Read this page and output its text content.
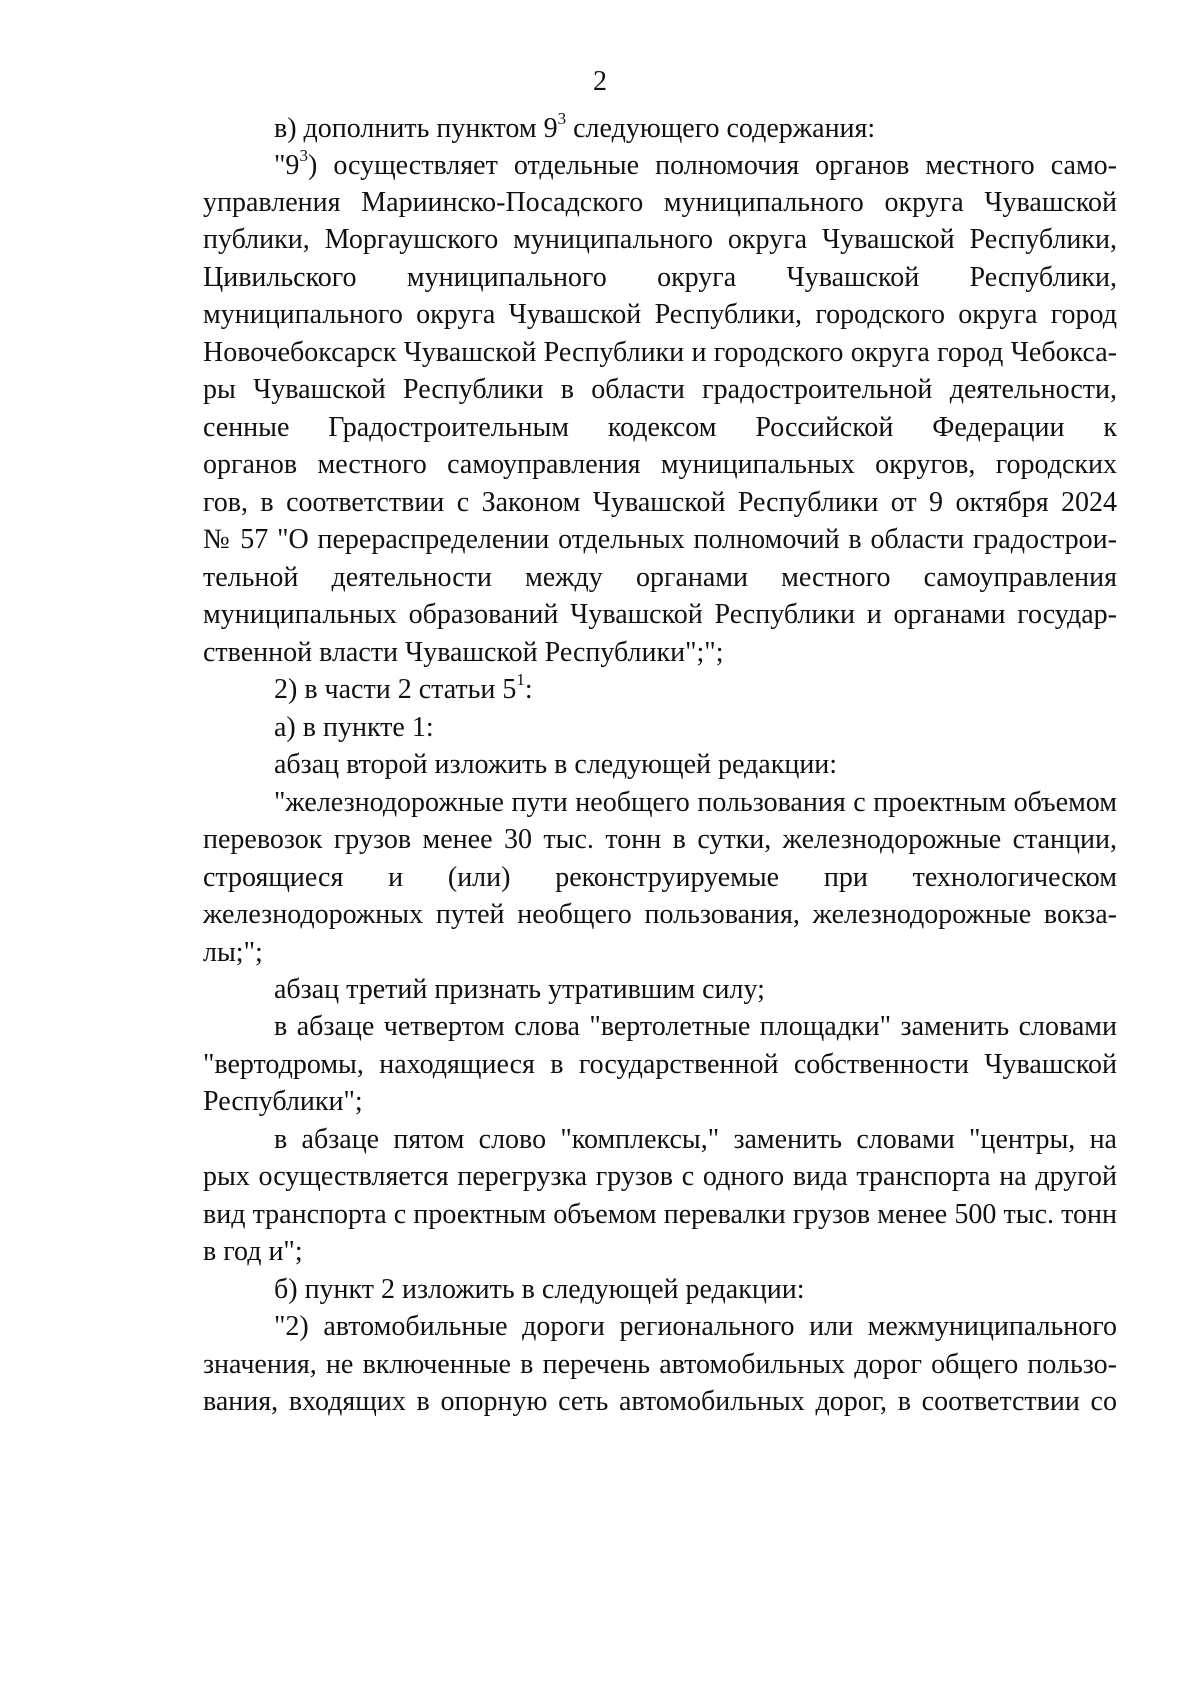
2
в) дополнить пунктом $9^3$ следующего содержания:
"$9^3$) осуществляет отдельные полномочия органов местного само-
управления Мариинско-Посадского муниципального округа Чувашской
публики, Моргаушского муниципального округа Чувашской Республики,
Цивильского муниципального округа Чувашской Республики,
муниципального округа Чувашской Республики, городского округа город
Новочебоксарск Чувашской Республики и городского округа город Чебокса-
ры Чувашской Республики в области градостроительной деятельности,
сенные Градостроительным кодексом Российской Федерации к
органов местного самоуправления муниципальных округов, городских
гов, в соответствии с Законом Чувашской Республики от 9 октября 2024
№ 57 "О перераспределении отдельных полномочий в области градострои-
тельной деятельности между органами местного самоуправления
муниципальных образований Чувашской Республики и органами государ-
ственной власти Чувашской Республики";";
2) в части 2 статьи $5^1$:
а) в пункте 1:
абзац второй изложить в следующей редакции:
"железнодорожные пути необщего пользования с проектным объемом
перевозок грузов менее 30 тыс. тонн в сутки, железнодорожные станции,
строящиеся и (или) реконструируемые при технологическом
железнодорожных путей необщего пользования, железнодорожные вокза-
лы;";
абзац третий признать утратившим силу;
в абзаце четвертом слова "вертолетные площадки" заменить словами
"вертодромы, находящиеся в государственной собственности Чувашской
Республики";
в абзаце пятом слово "комплексы," заменить словами "центры, на
рых осуществляется перегрузка грузов с одного вида транспорта на другой
вид транспорта с проектным объемом перевалки грузов менее 500 тыс. тонн
в год и";
б) пункт 2 изложить в следующей редакции:
"2) автомобильные дороги регионального или межмуниципального
значения, не включенные в перечень автомобильных дорог общего пользо-
вания, входящих в опорную сеть автомобильных дорог, в соответствии со
